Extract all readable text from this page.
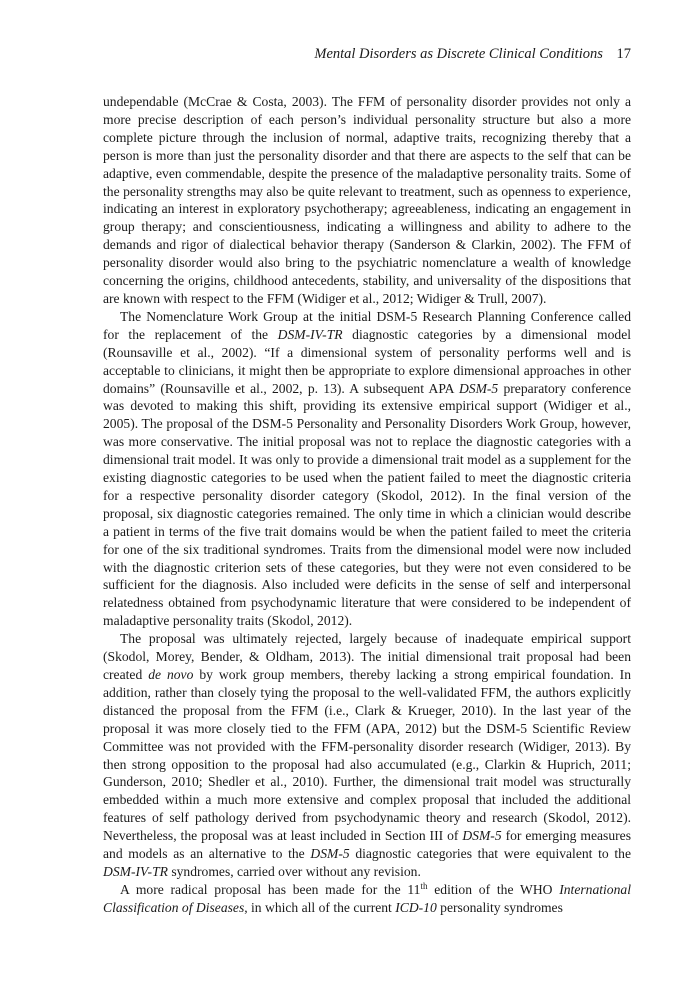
Mental Disorders as Discrete Clinical Conditions 17

undependable (McCrae & Costa, 2003). The FFM of personality disorder provides not only a more precise description of each person’s individual personality structure but also a more complete picture through the inclusion of normal, adaptive traits, recognizing thereby that a person is more than just the personality disorder and that there are aspects to the self that can be adaptive, even commendable, despite the presence of the maladaptive personality traits. Some of the personality strengths may also be quite relevant to treatment, such as openness to experience, indicating an interest in exploratory psychotherapy; agreeableness, indicating an engagement in group therapy; and conscientiousness, indicating a willingness and ability to adhere to the demands and rigor of dialectical behavior therapy (Sanderson & Clarkin, 2002). The FFM of personality disorder would also bring to the psychiatric nomenclature a wealth of knowledge concerning the origins, childhood antecedents, stability, and universality of the dispositions that are known with respect to the FFM (Widiger et al., 2012; Widiger & Trull, 2007).

The Nomenclature Work Group at the initial DSM-5 Research Planning Conference called for the replacement of the DSM-IV-TR diagnostic categories by a dimensional model (Rounsaville et al., 2002). “If a dimensional system of personality performs well and is acceptable to clinicians, it might then be appropriate to explore dimensional approaches in other domains” (Rounsaville et al., 2002, p. 13). A subsequent APA DSM-5 preparatory conference was devoted to making this shift, providing its extensive empirical support (Widiger et al., 2005). The proposal of the DSM-5 Personality and Personality Disorders Work Group, however, was more conservative. The initial proposal was not to replace the diagnostic categories with a dimensional trait model. It was only to provide a dimensional trait model as a supplement for the existing diagnostic categories to be used when the patient failed to meet the diagnostic criteria for a respective personality disorder category (Skodol, 2012). In the final version of the proposal, six diagnostic categories remained. The only time in which a clinician would describe a patient in terms of the five trait domains would be when the patient failed to meet the criteria for one of the six traditional syndromes. Traits from the dimensional model were now included with the diagnostic criterion sets of these categories, but they were not even considered to be sufficient for the diagnosis. Also included were deficits in the sense of self and interpersonal relatedness obtained from psychodynamic literature that were considered to be independent of maladaptive personality traits (Skodol, 2012).

The proposal was ultimately rejected, largely because of inadequate empirical support (Skodol, Morey, Bender, & Oldham, 2013). The initial dimensional trait proposal had been created de novo by work group members, thereby lacking a strong empirical foundation. In addition, rather than closely tying the proposal to the well-validated FFM, the authors explicitly distanced the proposal from the FFM (i.e., Clark & Krueger, 2010). In the last year of the proposal it was more closely tied to the FFM (APA, 2012) but the DSM-5 Scientific Review Committee was not provided with the FFM-personality disorder research (Widiger, 2013). By then strong opposition to the proposal had also accumulated (e.g., Clarkin & Huprich, 2011; Gunderson, 2010; Shedler et al., 2010). Further, the dimensional trait model was structurally embedded within a much more extensive and complex proposal that included the additional features of self pathology derived from psychodynamic theory and research (Skodol, 2012). Nevertheless, the proposal was at least included in Section III of DSM-5 for emerging measures and models as an alternative to the DSM-5 diagnostic categories that were equivalent to the DSM-IV-TR syndromes, carried over without any revision.

A more radical proposal has been made for the 11th edition of the WHO International Classification of Diseases, in which all of the current ICD-10 personality syndromes
